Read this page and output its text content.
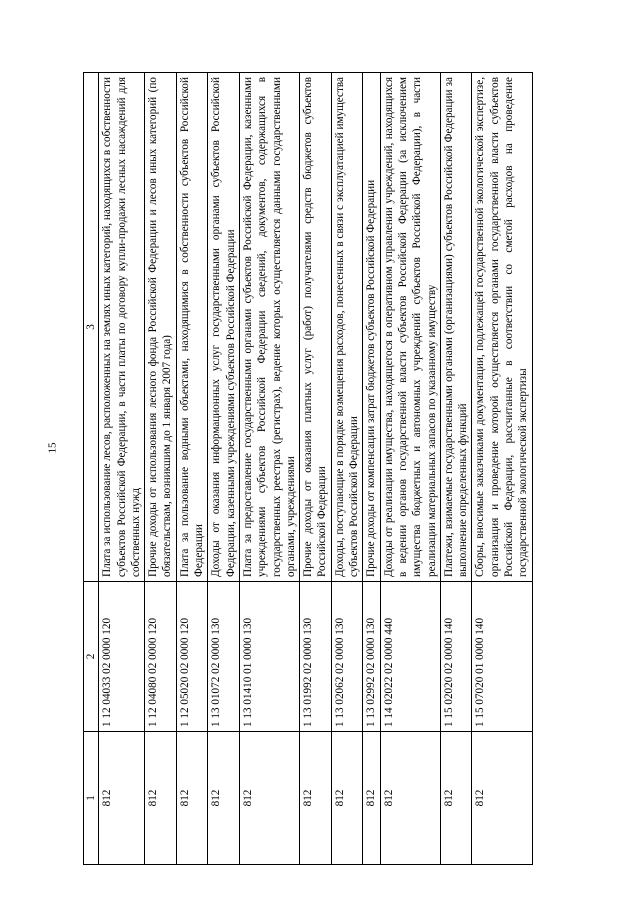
15
1	2	3
812	1 12 04033 02 0000 120	Плата за использование лесов, расположенных на землях иных категорий, находящихся в собственности субъектов Российской Федерации, в части платы по договору купли-продажи лесных насаждений для собственных нужд
812	1 12 04080 02 0000 120	Прочие доходы от использования лесного фонда Российской Федерации и лесов иных категорий (по обязательствам, возникшим до 1 января 2007 года)
812	1 12 05020 02 0000 120	Плата за пользование водными объектами, находящимися в собственности субъектов Российской Федерации
812	1 13 01072 02 0000 130	Доходы от оказания информационных услуг государственными органами субъектов Российской Федерации, казенными учреждениями субъектов Российской Федерации
812	1 13 01410 01 0000 130	Плата за предоставление государственными органами субъектов Российской Федерации, казенными учреждениями субъектов Российской Федерации сведений, документов, содержащихся в государственных реестрах (регистрах), ведение которых осуществляется данными государственными органами, учреждениями
812	1 13 01992 02 0000 130	Прочие доходы от оказания платных услуг (работ) получателями средств бюджетов субъектов Российской Федерации
812	1 13 02062 02 0000 130	Доходы, поступающие в порядке возмещения расходов, понесенных в связи с эксплуатацией имущества субъектов Российской Федерации
812	1 13 02992 02 0000 130	Прочие доходы от компенсации затрат бюджетов субъектов Российской Федерации
812	1 14 02022 02 0000 440	Доходы от реализации имущества, находящегося в оперативном управлении учреждений, находящихся в ведении органов государственной власти субъектов Российской Федерации (за исключением имущества бюджетных и автономных учреждений субъектов Российской Федерации), в части реализации материальных запасов по указанному имуществу
812	1 15 02020 02 0000 140	Платежи, взимаемые государственными органами (организациями) субъектов Российской Федерации за выполнение определенных функций
812	1 15 07020 01 0000 140	Сборы, вносимые заказчиками документации, подлежащей государственной экологической экспертизе, организация и проведение которой осуществляется органами государственной власти субъектов Российской Федерации, рассчитанные в соответствии со сметой расходов на проведение государственной экологической экспертизы
